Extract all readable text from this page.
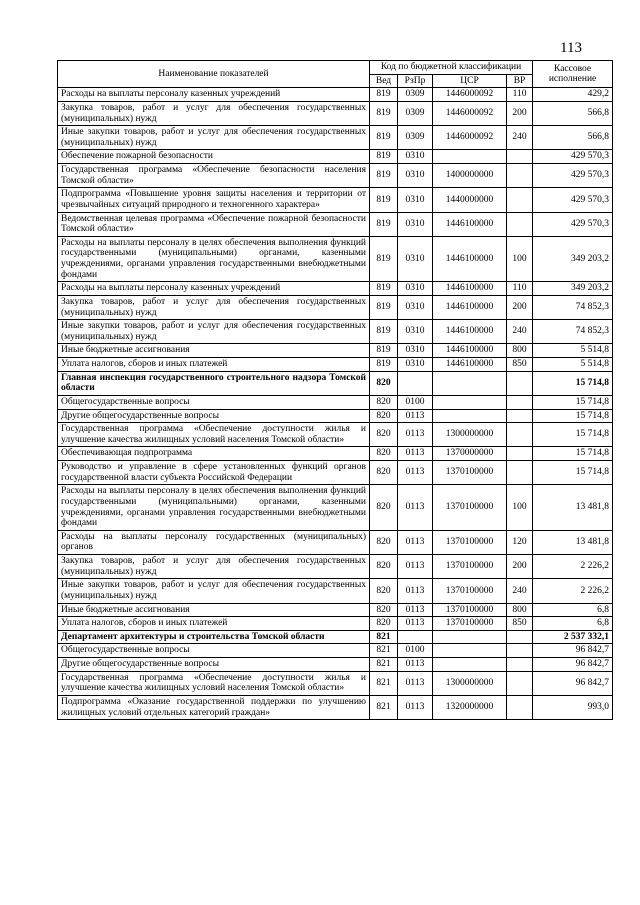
113
Наименование показателей	Код по бюджетной классификации				Кассовое исполнение
	Вед	РзПр	ЦСР	ВР	
Расходы на выплаты персоналу казенных учреждений	819	0309	1446000092	110	429,2
Закупка товаров, работ и услуг для обеспечения государственных (муниципальных) нужд	819	0309	1446000092	200	566,8
Иные закупки товаров, работ и услуг для обеспечения государственных (муниципальных) нужд	819	0309	1446000092	240	566,8
Обеспечение пожарной безопасности	819	0310			429 570,3
Государственная программа «Обеспечение безопасности населения Томской области»	819	0310	1400000000		429 570,3
Подпрограмма «Повышение уровня защиты населения и территории от чрезвычайных ситуаций природного и техногенного характера»	819	0310	1440000000		429 570,3
Ведомственная целевая программа «Обеспечение пожарной безопасности Томской области»	819	0310	1446100000		429 570,3
Расходы на выплаты персоналу в целях обеспечения выполнения функций государственными (муниципальными) органами, казенными учреждениями, органами управления государственными внебюджетными фондами	819	0310	1446100000	100	349 203,2
Расходы на выплаты персоналу казенных учреждений	819	0310	1446100000	110	349 203,2
Закупка товаров, работ и услуг для обеспечения государственных (муниципальных) нужд	819	0310	1446100000	200	74 852,3
Иные закупки товаров, работ и услуг для обеспечения государственных (муниципальных) нужд	819	0310	1446100000	240	74 852,3
Иные бюджетные ассигнования	819	0310	1446100000	800	5 514,8
Уплата налогов, сборов и иных платежей	819	0310	1446100000	850	5 514,8
Главная инспекция государственного строительного надзора Томской области	820				15 714,8
Общегосударственные вопросы	820	0100			15 714,8
Другие общегосударственные вопросы	820	0113			15 714,8
Государственная программа «Обеспечение доступности жилья и улучшение качества жилищных условий населения Томской области»	820	0113	1300000000		15 714,8
Обеспечивающая подпрограмма	820	0113	1370000000		15 714,8
Руководство и управление в сфере установленных функций органов государственной власти субъекта Российской Федерации	820	0113	1370100000		15 714,8
Расходы на выплаты персоналу в целях обеспечения выполнения функций государственными (муниципальными) органами, казенными учреждениями, органами управления государственными внебюджетными фондами	820	0113	1370100000	100	13 481,8
Расходы на выплаты персоналу государственных (муниципальных) органов	820	0113	1370100000	120	13 481,8
Закупка товаров, работ и услуг для обеспечения государственных (муниципальных) нужд	820	0113	1370100000	200	2 226,2
Иные закупки товаров, работ и услуг для обеспечения государственных (муниципальных) нужд	820	0113	1370100000	240	2 226,2
Иные бюджетные ассигнования	820	0113	1370100000	800	6,8
Уплата налогов, сборов и иных платежей	820	0113	1370100000	850	6,8
Департамент архитектуры и строительства Томской области	821				2 537 332,1
Общегосударственные вопросы	821	0100			96 842,7
Другие общегосударственные вопросы	821	0113			96 842,7
Государственная программа «Обеспечение доступности жилья и улучшение качества жилищных условий населения Томской области»	821	0113	1300000000		96 842,7
Подпрограмма «Оказание государственной поддержки по улучшению жилищных условий отдельных категорий граждан»	821	0113	1320000000		993,0
